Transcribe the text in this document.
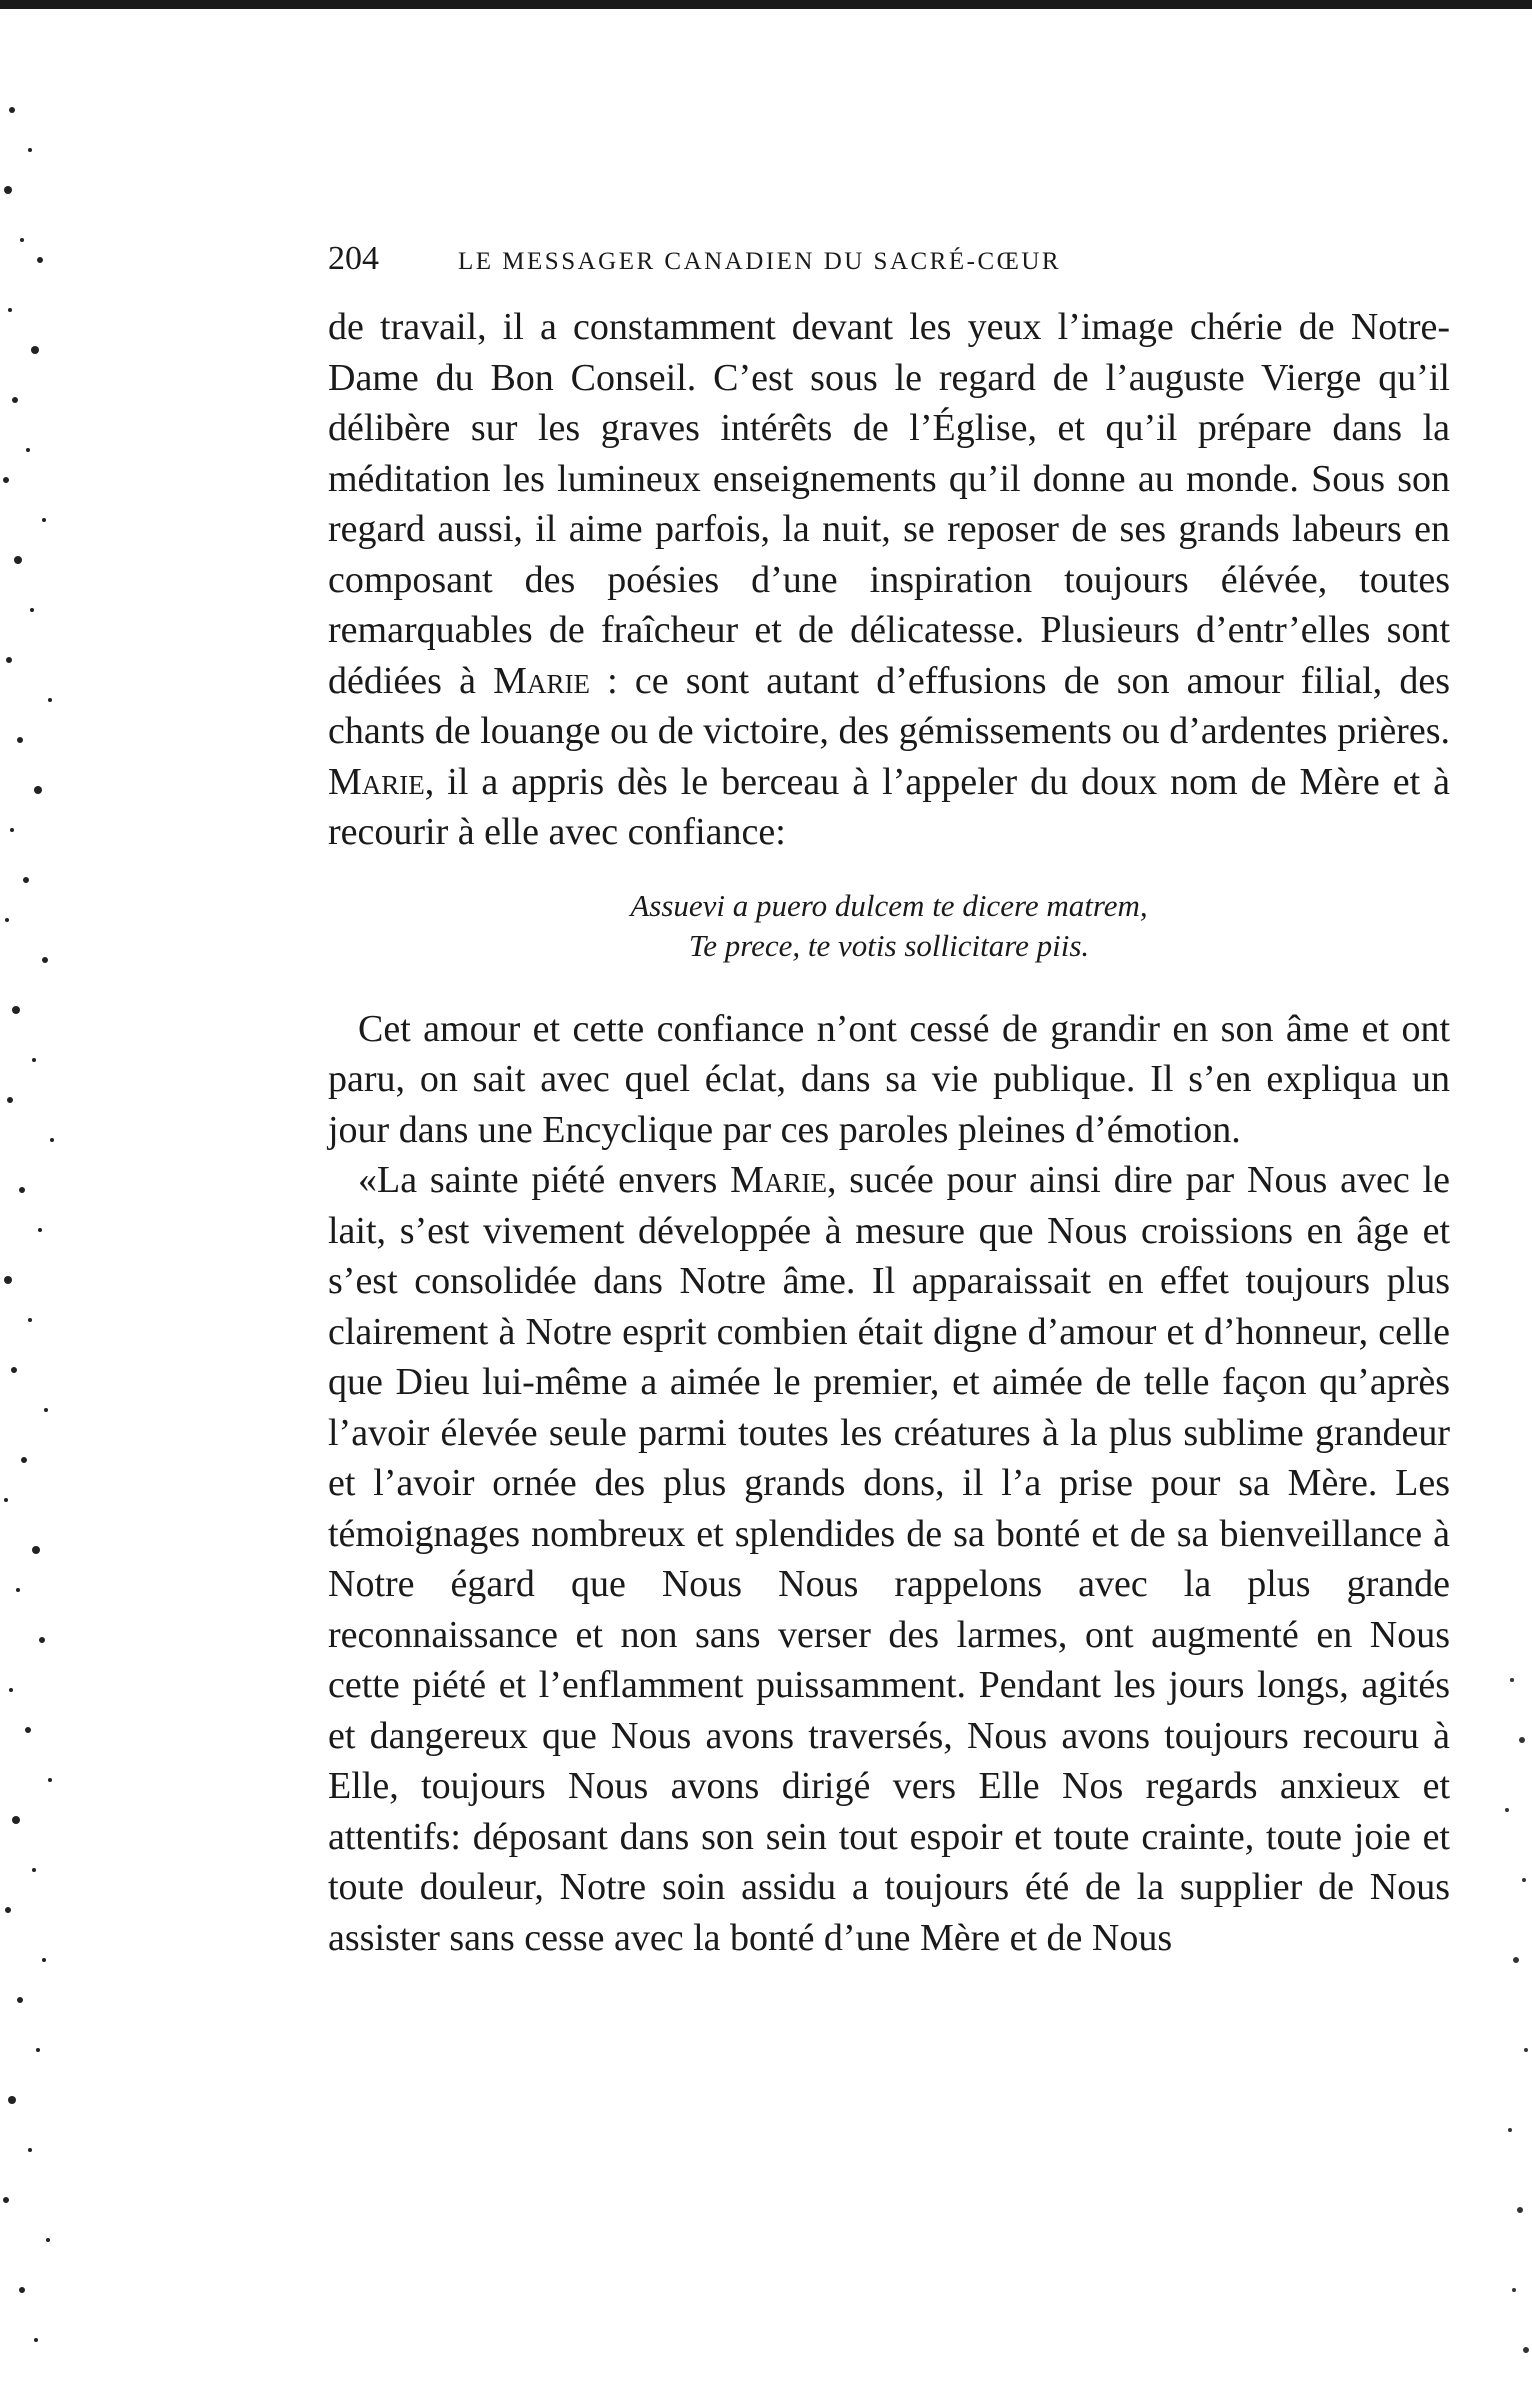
204	LE MESSAGER CANADIEN DU SACRÉ-CŒUR

de travail, il a constamment devant les yeux l’image chérie de Notre-Dame du Bon Conseil. C’est sous le regard de l’auguste Vierge qu’il délibère sur les graves intérêts de l’Église, et qu’il prépare dans la méditation les lumineux enseignements qu’il donne au monde. Sous son regard aussi, il aime parfois, la nuit, se reposer de ses grands labeurs en composant des poésies d’une inspiration toujours élévée, toutes remarquables de fraîcheur et de délicatesse. Plusieurs d’entr’elles sont dédiées à Marie : ce sont autant d’effusions de son amour filial, des chants de louange ou de victoire, des gémissements ou d’ardentes prières. Marie, il a appris dès le berceau à l’appeler du doux nom de Mère et à recourir à elle avec confiance:

Assuevi a puero dulcem te dicere matrem,
Te prece, te votis sollicitare piis.

Cet amour et cette confiance n’ont cessé de grandir en son âme et ont paru, on sait avec quel éclat, dans sa vie publique. Il s’en expliqua un jour dans une Encyclique par ces paroles pleines d’émotion.

«La sainte piété envers Marie, sucée pour ainsi dire par Nous avec le lait, s’est vivement développée à mesure que Nous croissions en âge et s’est consolidée dans Notre âme. Il apparaissait en effet toujours plus clairement à Notre esprit combien était digne d’amour et d’honneur, celle que Dieu lui-même a aimée le premier, et aimée de telle façon qu’après l’avoir élevée seule parmi toutes les créatures à la plus sublime grandeur et l’avoir ornée des plus grands dons, il l’a prise pour sa Mère. Les témoignages nombreux et splendides de sa bonté et de sa bienveillance à Notre égard que Nous Nous rappelons avec la plus grande reconnaissance et non sans verser des larmes, ont augmenté en Nous cette piété et l’enflamment puissamment. Pendant les jours longs, agités et dangereux que Nous avons traversés, Nous avons toujours recouru à Elle, toujours Nous avons dirigé vers Elle Nos regards anxieux et attentifs: déposant dans son sein tout espoir et toute crainte, toute joie et toute douleur, Notre soin assidu a toujours été de la supplier de Nous assister sans cesse avec la bonté d’une Mère et de Nous
